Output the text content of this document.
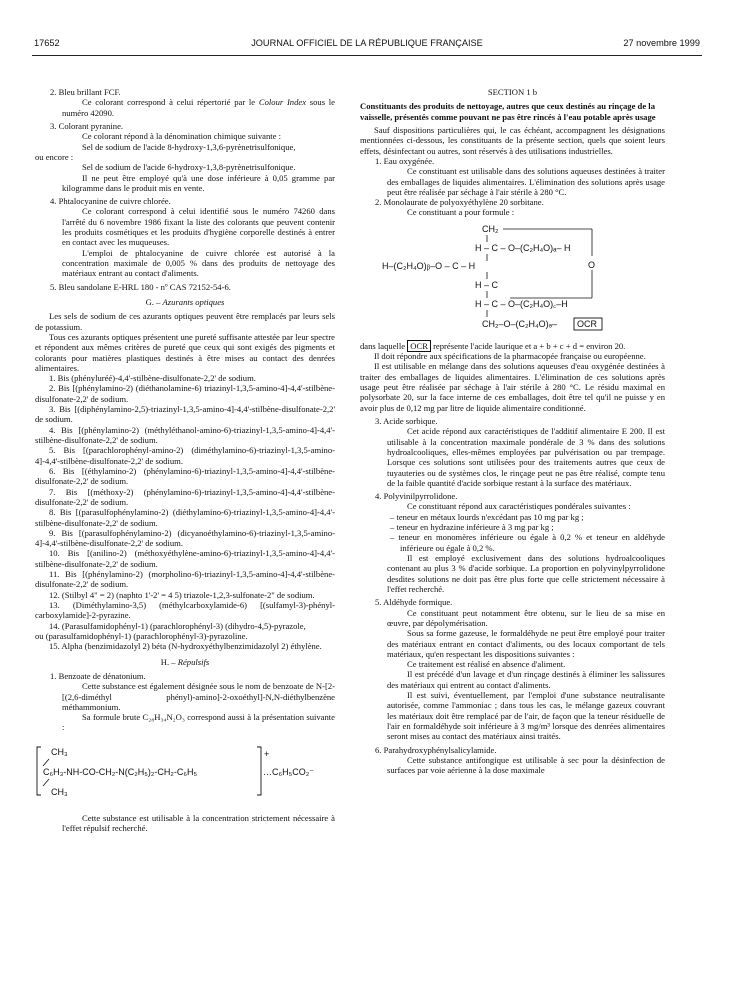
17652	JOURNAL OFFICIEL DE LA RÉPUBLIQUE FRANÇAISE	27 novembre 1999

2. Bleu brillant FCF.

Ce colorant correspond à celui répertorié par le Colour Index sous le numéro 42090.

3. Colorant pyranine.

Ce colorant répond à la dénomination chimique suivante :

Sel de sodium de l'acide 8-hydroxy-1,3,6-pyrènetrisulfonique,

ou encore :

Sel de sodium de l'acide 6-hydroxy-1,3,8-pyrènetrisulfonique.

Il ne peut être employé qu'à une dose inférieure à 0,05 gramme par kilogramme dans le produit mis en vente.

4. Phtalocyanine de cuivre chlorée.

Ce colorant correspond à celui identifié sous le numéro 74260 dans l'arrêté du 6 novembre 1986 fixant la liste des colorants que peuvent contenir les produits cosmétiques et les produits d'hygiène corporelle destinés à entrer en contact avec les muqueuses.

L'emploi de phtalocyanine de cuivre chlorée est autorisé à la concentration maximale de 0,005 % dans des produits de nettoyage des matériaux entrant au contact d'aliments.

5. Bleu sandolane E-HRL 180 - nº CAS 72152-54-6.

G. – Azurants optiques

Les sels de sodium de ces azurants optiques peuvent être remplacés par leurs sels de potassium.

Tous ces azurants optiques présentent une pureté suffisante attestée par leur spectre et répondent aux mêmes critères de pureté que ceux qui sont exigés des pigments et colorants pour matières plastiques destinés à être mises au contact des denrées alimentaires.

1. Bis (phényluréé)-4,4'-stilbène-disulfonate-2,2' de sodium.

2. Bis [(phénylamino-2) (diéthanolamine-6) triazinyl-1,3,5-amino-4]-4,4'-stilbène-disulfonate-2,2' de sodium.

3. Bis [(diphénylamino-2,5)-triazinyl-1,3,5-amino-4]-4,4'-stilbène-disulfonate-2,2' de sodium.

4. Bis [(phénylamino-2) (méthyléthanol-amino-6)-triazinyl-1,3,5-amino-4]-4,4'-stilbène-disulfonate-2,2' de sodium.

5. Bis [(parachlorophényl-amino-2) (diméthylamino-6)-triazinyl-1,3,5-amino-4]-4,4'-stilbène-disulfonate-2,2' de sodium.

6. Bis [(éthylamino-2) (phénylamino-6)-triazinyl-1,3,5-amino-4]-4,4'-stilbène-disulfonate-2,2' de sodium.

7. Bis [(méthoxy-2) (phénylamino-6)-triazinyl-1,3,5-amino-4]-4,4'-stilbène-disulfonate-2,2' de sodium.

8. Bis [(parasulfophénylamino-2) (diéthylamino-6)-triazinyl-1,3,5-amino-4]-4,4'-stilbène-disulfonate-2,2' de sodium.

9. Bis [(parasulfophénylamino-2) (dicyanoéthylamino-6)-triazinyl-1,3,5-amino-4]-4,4'-stilbène-disulfonate-2,2' de sodium.

10. Bis [(anilino-2) (méthoxyéthylène-amino-6)-triazinyl-1,3,5-amino-4]-4,4'-stilbène-disulfonate-2,2' de sodium.

11. Bis [(phénylamino-2) (morpholino-6)-triazinyl-1,3,5-amino-4]-4,4'-stilbène-disulfonate-2,2' de sodium.

12. (Stilbyl 4" = 2) (naphto 1'-2' = 4 5) triazole-1,2,3-sulfonate-2" de sodium.

13. (Diméthylamino-3,5) (méthylcarboxylamide-6) [(sulfamyl-3)-phényl-carboxylamide]-2-pyrazine.

14. (Parasulfamidophényl-1) (parachlorophényl-3) (dihydro-4,5)-pyrazole,

ou (parasulfamidophényl-1) (parachlorophényl-3)-pyrazoline.

15. Alpha (benzimidazolyl 2) béta (N-hydroxyéthylbenzimidazolyl 2) éthylène.

H. – Répulsifs

1. Benzoate de dénatonium.

Cette substance est également désignée sous le nom de benzoate de N-[2-[(2,6-diméthyl phényl)-amino]-2-oxoéthyl]-N,N-diéthylbenzène méthammonium.

Sa formule brute C₂₈H₃₄N₂O₃ correspond aussi à la présentation suivante :

CH₃
C₆H₃-NH-CO-CH₂-N(C₂H₅)₂-CH₂-C₆H₅
+
…C₆H₅CO₂⁻
CH₃

Cette substance est utilisable à la concentration strictement nécessaire à l'effet répulsif recherché.

SECTION 1 b

Constituants des produits de nettoyage, autres que ceux destinés au rinçage de la vaisselle, présentés comme pouvant ne pas être rincés à l'eau potable après usage

Sauf dispositions particulières qui, le cas échéant, accompagnent les désignations mentionnées ci-dessous, les constituants de la présente section, quels que soient leurs effets, désinfectant ou autres, sont réservés à des utilisations industrielles.

1. Eau oxygénée.

Ce constituant est utilisable dans des solutions aqueuses destinées à traiter des emballages de liquides alimentaires. L'élimination des solutions après usage peut être réalisée par séchage à l'air stérile à 280 °C.

2. Monolaurate de polyoxyéthylène 20 sorbitane.

Ce constituant a pour formule :

CH₂
H – C – O–(C₂H₄O)ₐ– H
H–(C₂H₄O)ᵦ–O – C – H	O
H – C
H – C – O–(C₂H₄O)꜀–H
CH₂–O–(C₂H₄O)ₔ– OCR

dans laquelle OCR représente l'acide laurique et a + b + c + d = environ 20.

Il doit répondre aux spécifications de la pharmacopée française ou européenne.

Il est utilisable en mélange dans des solutions aqueuses d'eau oxygénée destinées à traiter des emballages de liquides alimentaires. L'élimination de ces solutions après usage peut être réalisée par séchage à l'air stérile à 280 °C. Le résidu maximal en polysorbate 20, sur la face interne de ces emballages, doit être tel qu'il ne puisse y en avoir plus de 0,12 mg par litre de liquide alimentaire conditionné.

3. Acide sorbique.

Cet acide répond aux caractéristiques de l'additif alimentaire E 200. Il est utilisable à la concentration maximale pondérale de 3 % dans des solutions hydroalcooliques, elles-mêmes employées par pulvérisation ou par trempage. Lorsque ces solutions sont utilisées pour des traitements autres que ceux de tuyauteries ou de systèmes clos, le rinçage peut ne pas être réalisé, compte tenu de la faible quantité d'acide sorbique restant à la surface des matériaux.

4. Polyvinilpyrrolidone.

Ce constituant répond aux caractéristiques pondérales suivantes :

– teneur en métaux lourds n'excédant pas 10 mg par kg ;

– teneur en hydrazine inférieure à 3 mg par kg ;

– teneur en monomères inférieure ou égale à 0,2 % et teneur en aldéhyde inférieure ou égale à 0,2 %.

Il est employé exclusivement dans des solutions hydroalcooliques contenant au plus 3 % d'acide sorbique. La proportion en polyvinylpyrrolidone desdites solutions ne doit pas être plus forte que celle strictement nécessaire à l'effet recherché.

5. Aldéhyde formique.

Ce constituant peut notamment être obtenu, sur le lieu de sa mise en œuvre, par dépolymérisation.

Sous sa forme gazeuse, le formaldéhyde ne peut être employé pour traiter des matériaux entrant en contact d'aliments, ou des locaux comportant de tels matériaux, qu'en respectant les dispositions suivantes :

Ce traitement est réalisé en absence d'aliment.

Il est précédé d'un lavage et d'un rinçage destinés à éliminer les salissures des matériaux qui entrent au contact d'aliments.

Il est suivi, éventuellement, par l'emploi d'une substance neutralisante autorisée, comme l'ammoniac ; dans tous les cas, le mélange gazeux couvrant les matériaux doit être remplacé par de l'air, de façon que la teneur résiduelle de l'air en formaldéhyde soit inférieure à 3 mg/m³ lorsque des denrées alimentaires seront mises au contact des matériaux ainsi traités.

6. Parahydroxyphénylsalicylamide.

Cette substance antifongique est utilisable à sec pour la désinfection de surfaces par voie aérienne à la dose maximale
